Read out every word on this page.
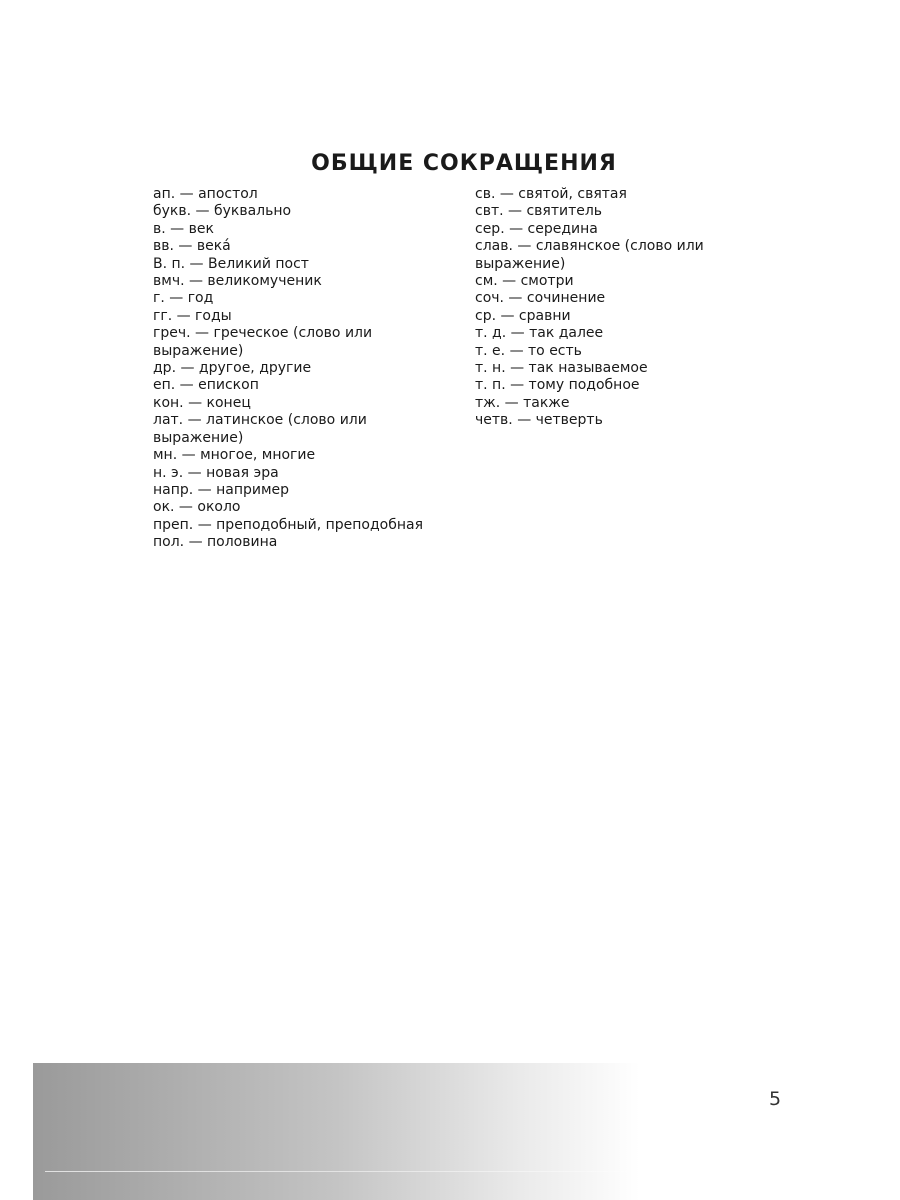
ОБЩИЕ СОКРАЩЕНИЯ
ап. — апостол
букв. — буквально
в. — век
вв. — века́
В. п. — Великий пост
вмч. — великомученик
г. — год
гг. — годы
греч. — греческое (слово или
выражение)
др. — другое, другие
еп. — епископ
кон. — конец
лат. — латинское (слово или
выражение)
мн. — многое, многие
н. э. — новая эра
напр. — например
ок. — около
преп. — преподобный, преподобная
пол. — половина
св. — святой, святая
свт. — святитель
сер. — середина
слав. — славянское (слово или
выражение)
см. — смотри
соч. — сочинение
ср. — сравни
т. д. — так далее
т. е. — то есть
т. н. — так называемое
т. п. — тому подобное
тж. — также
четв. — четверть
5
